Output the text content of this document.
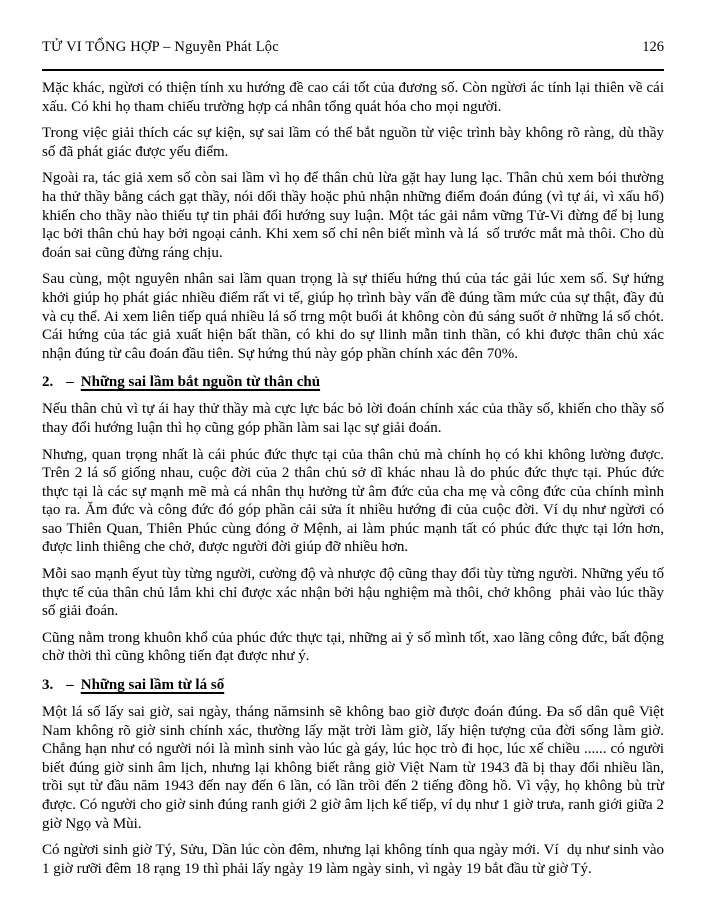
TỬ VI TỔNG HỢP – Nguyễn Phát Lộc	126

Mặc khác, ngừơi có thiện tính xu hướng đề cao cái tốt của đương số. Còn ngừơi ác tính lại thiên về cái xấu. Có khi họ tham chiếu trường hợp cá nhân tổng quát hóa cho mọi người.

Trong việc giải thích các sự kiện, sự sai lầm có thể bắt nguồn từ việc trình bày không rõ ràng, dù thầy số đã phát giác được yếu điểm.

Ngoài ra, tác giả xem số còn sai lầm vì họ để thân chủ lừa gặt hay lung lạc. Thân chủ xem bói thường ha thử thầy bằng cách gạt thầy, nói dối thầy hoặc phủ nhận những điểm đoán đúng (vì tự ái, vì xấu hổ) khiến cho thầy nào thiếu tự tin phải đổi hướng suy luận. Một tác gải nắm vững Tử-Vi đừng để bị lung lạc bởi thân chủ hay bởi ngoại cảnh. Khi xem số chỉ nên biết mình và lá  số trước mắt mà thôi. Cho dù đoán sai cũng đừng ráng chịu.

Sau cùng, một nguyên nhân sai lầm quan trọng là sự thiếu hứng thú của tác gải lúc xem số. Sự hứng khởi giúp họ phát giác nhiều điểm rất vi tế, giúp họ trình bày vấn đề đúng tầm mức của sự thật, đầy đủ và cụ thể. Ai xem liên tiếp quá nhiều lá số trng một buổi át không còn đủ sáng suốt ở những lá số chót. Cái hứng của tác giả xuất hiện bất thần, có khi do sự llinh mẫn tinh thần, có khi được thân chủ xác nhận đúng từ câu đoán đầu tiên. Sự hứng thú này góp phần chính xác đên 70%.

2. – Những sai lầm bắt nguồn từ thân chủ

Nếu thân chủ vì tự ái hay thử thầy mà cực lực bác bỏ lời đoán chính xác của thầy số, khiến cho thầy số thay đổi hướng luận thì họ cũng góp phần làm sai lạc sự giải đoán.

Nhưng, quan trọng nhất là cái phúc đức thực tại của thân chủ mà chính họ có khi không lường được. Trên 2 lá số giống nhau, cuộc đời của 2 thân chủ sở dĩ khác nhau là do phúc đức thực tại. Phúc đức thực tại là các sự mạnh mẽ mà cá nhân thụ hưởng từ âm đức của cha mẹ và công đức của chính mình tạo ra. Ăm đức và công đức đó góp phần cải sửa ít nhiều hướng đi của cuộc đời. Ví dụ như ngừơi có sao Thiên Quan, Thiên Phúc cùng đóng ở Mệnh, ai làm phúc mạnh tất có phúc đức thực tại lớn hơn, được linh thiêng che chở, được người đời giúp đỡ nhiều hơn.

Mỗi sao mạnh ếyut tùy từng người, cường độ và nhược độ cũng thay đổi tùy từng người. Những yếu tố thực tế của thân chủ lắm khi chỉ được xác nhận bởi hậu nghiệm mà thôi, chở không  phải vào lúc thầy số giải đoán.

Cũng nằm trong khuôn khổ của phúc đức thực tại, những ai ỷ số mình tốt, xao lãng công đức, bất động chờ thời thì cũng không tiến đạt được như ý.

3. – Những sai lầm từ lá số

Một lá số lấy sai giờ, sai ngày, tháng nămsinh sẽ không bao giờ được đoán đúng. Đa số dân quê Việt Nam không rõ giờ sinh chính xác, thường lấy mặt trời làm giờ, lấy hiện tượng của đời sống làm giờ. Chẳng hạn như có người nói là mình sinh vào lúc gà gáy, lúc học trò đi học, lúc xế chiều ...... có người biết đúng giờ sinh âm lịch, nhưng lại không biết rằng giờ Việt Nam từ 1943 đã bị thay đổi nhiều lần, trồi sụt từ đầu năm 1943 đến nay đến 6 lần, có lần trồi đến 2 tiếng đồng hồ. Vì vậy, họ không bù trừ được. Có người cho giờ sinh đúng ranh giới 2 giờ âm lịch kế tiếp, ví dụ như 1 giờ trưa, ranh giới giữa 2 giờ Ngọ và Mùi.

Có ngừơi sinh giờ Tý, Sửu, Dần lúc còn đêm, nhưng lại không tính qua ngày mới. Ví  dụ như sinh vào 1 giờ rưỡi đêm 18 rạng 19 thì phải lấy ngày 19 làm ngày sinh, vì ngày 19 bắt đầu từ giờ Tý.
